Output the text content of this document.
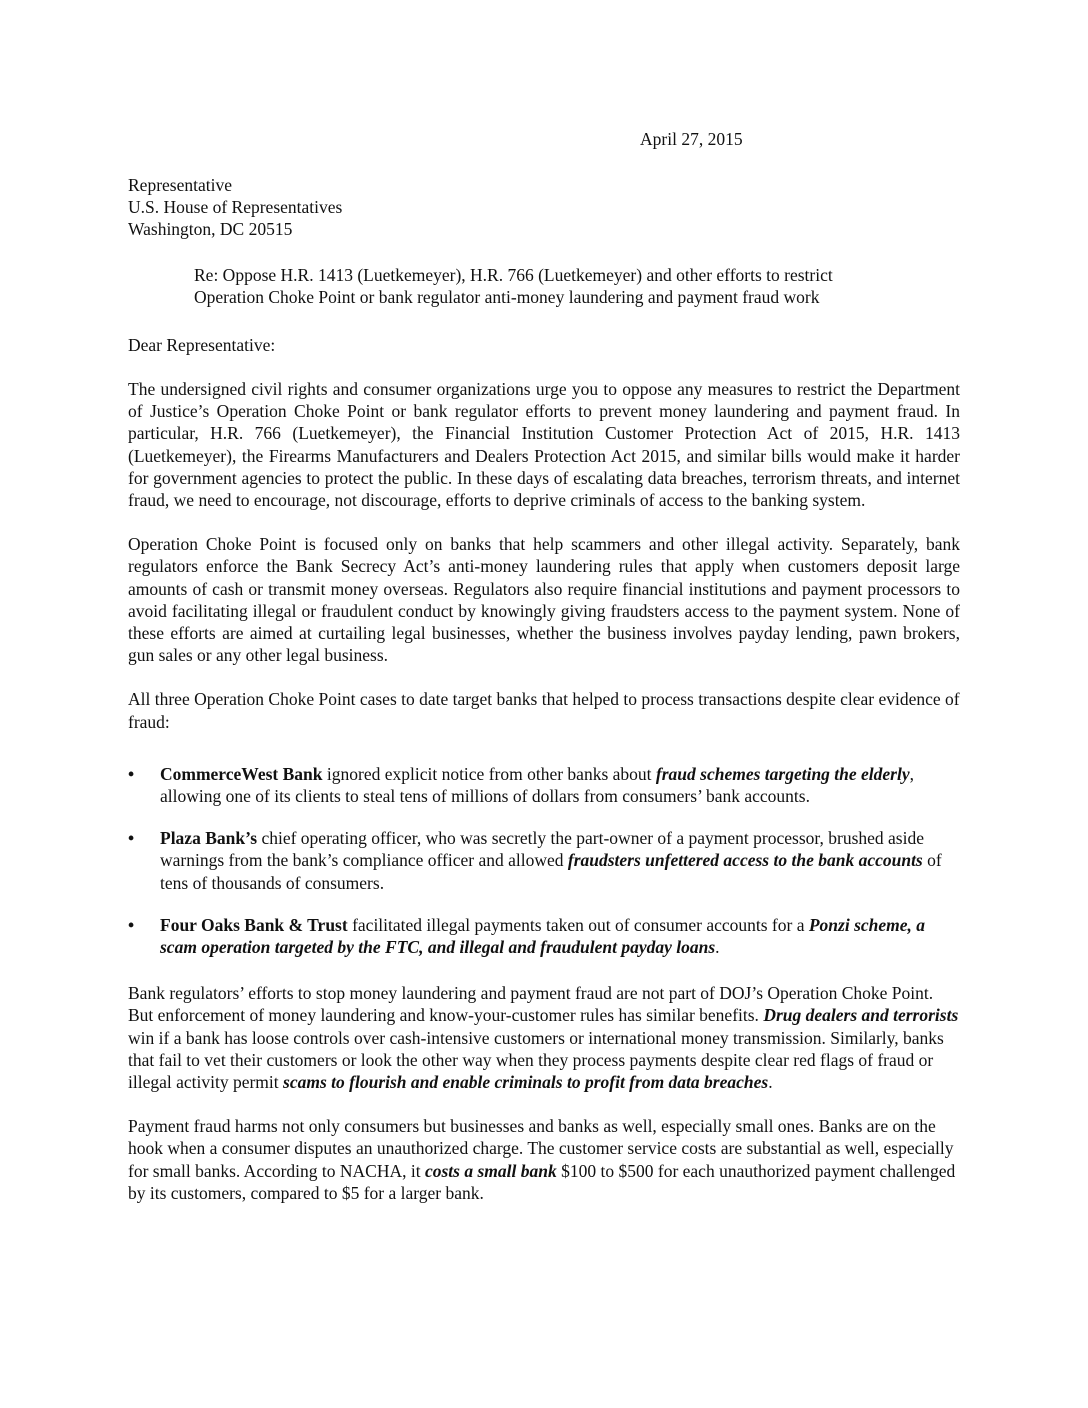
April 27, 2015
Representative
U.S. House of Representatives
Washington, DC 20515
Re: Oppose H.R. 1413 (Luetkemeyer), H.R. 766 (Luetkemeyer) and other efforts to restrict
Operation Choke Point or bank regulator anti-money laundering and payment fraud work
Dear Representative:

The undersigned civil rights and consumer organizations urge you to oppose any measures to restrict the Department of Justice’s Operation Choke Point or bank regulator efforts to prevent money laundering and payment fraud. In particular, H.R. 766 (Luetkemeyer), the Financial Institution Customer Protection Act of 2015, H.R. 1413 (Luetkemeyer), the Firearms Manufacturers and Dealers Protection Act 2015, and similar bills would make it harder for government agencies to protect the public. In these days of escalating data breaches, terrorism threats, and internet fraud, we need to encourage, not discourage, efforts to deprive criminals of access to the banking system.

Operation Choke Point is focused only on banks that help scammers and other illegal activity. Separately, bank regulators enforce the Bank Secrecy Act’s anti-money laundering rules that apply when customers deposit large amounts of cash or transmit money overseas. Regulators also require financial institutions and payment processors to avoid facilitating illegal or fraudulent conduct by knowingly giving fraudsters access to the payment system. None of these efforts are aimed at curtailing legal businesses, whether the business involves payday lending, pawn brokers, gun sales or any other legal business.

All three Operation Choke Point cases to date target banks that helped to process transactions despite clear evidence of fraud:

• CommerceWest Bank ignored explicit notice from other banks about fraud schemes targeting the elderly, allowing one of its clients to steal tens of millions of dollars from consumers’ bank accounts.
• Plaza Bank’s chief operating officer, who was secretly the part-owner of a payment processor, brushed aside warnings from the bank’s compliance officer and allowed fraudsters unfettered access to the bank accounts of tens of thousands of consumers.
• Four Oaks Bank & Trust facilitated illegal payments taken out of consumer accounts for a Ponzi scheme, a scam operation targeted by the FTC, and illegal and fraudulent payday loans.

Bank regulators’ efforts to stop money laundering and payment fraud are not part of DOJ’s Operation Choke Point. But enforcement of money laundering and know-your-customer rules has similar benefits. Drug dealers and terrorists win if a bank has loose controls over cash-intensive customers or international money transmission. Similarly, banks that fail to vet their customers or look the other way when they process payments despite clear red flags of fraud or illegal activity permit scams to flourish and enable criminals to profit from data breaches.

Payment fraud harms not only consumers but businesses and banks as well, especially small ones. Banks are on the hook when a consumer disputes an unauthorized charge. The customer service costs are substantial as well, especially for small banks. According to NACHA, it costs a small bank $100 to $500 for each unauthorized payment challenged by its customers, compared to $5 for a larger bank.
